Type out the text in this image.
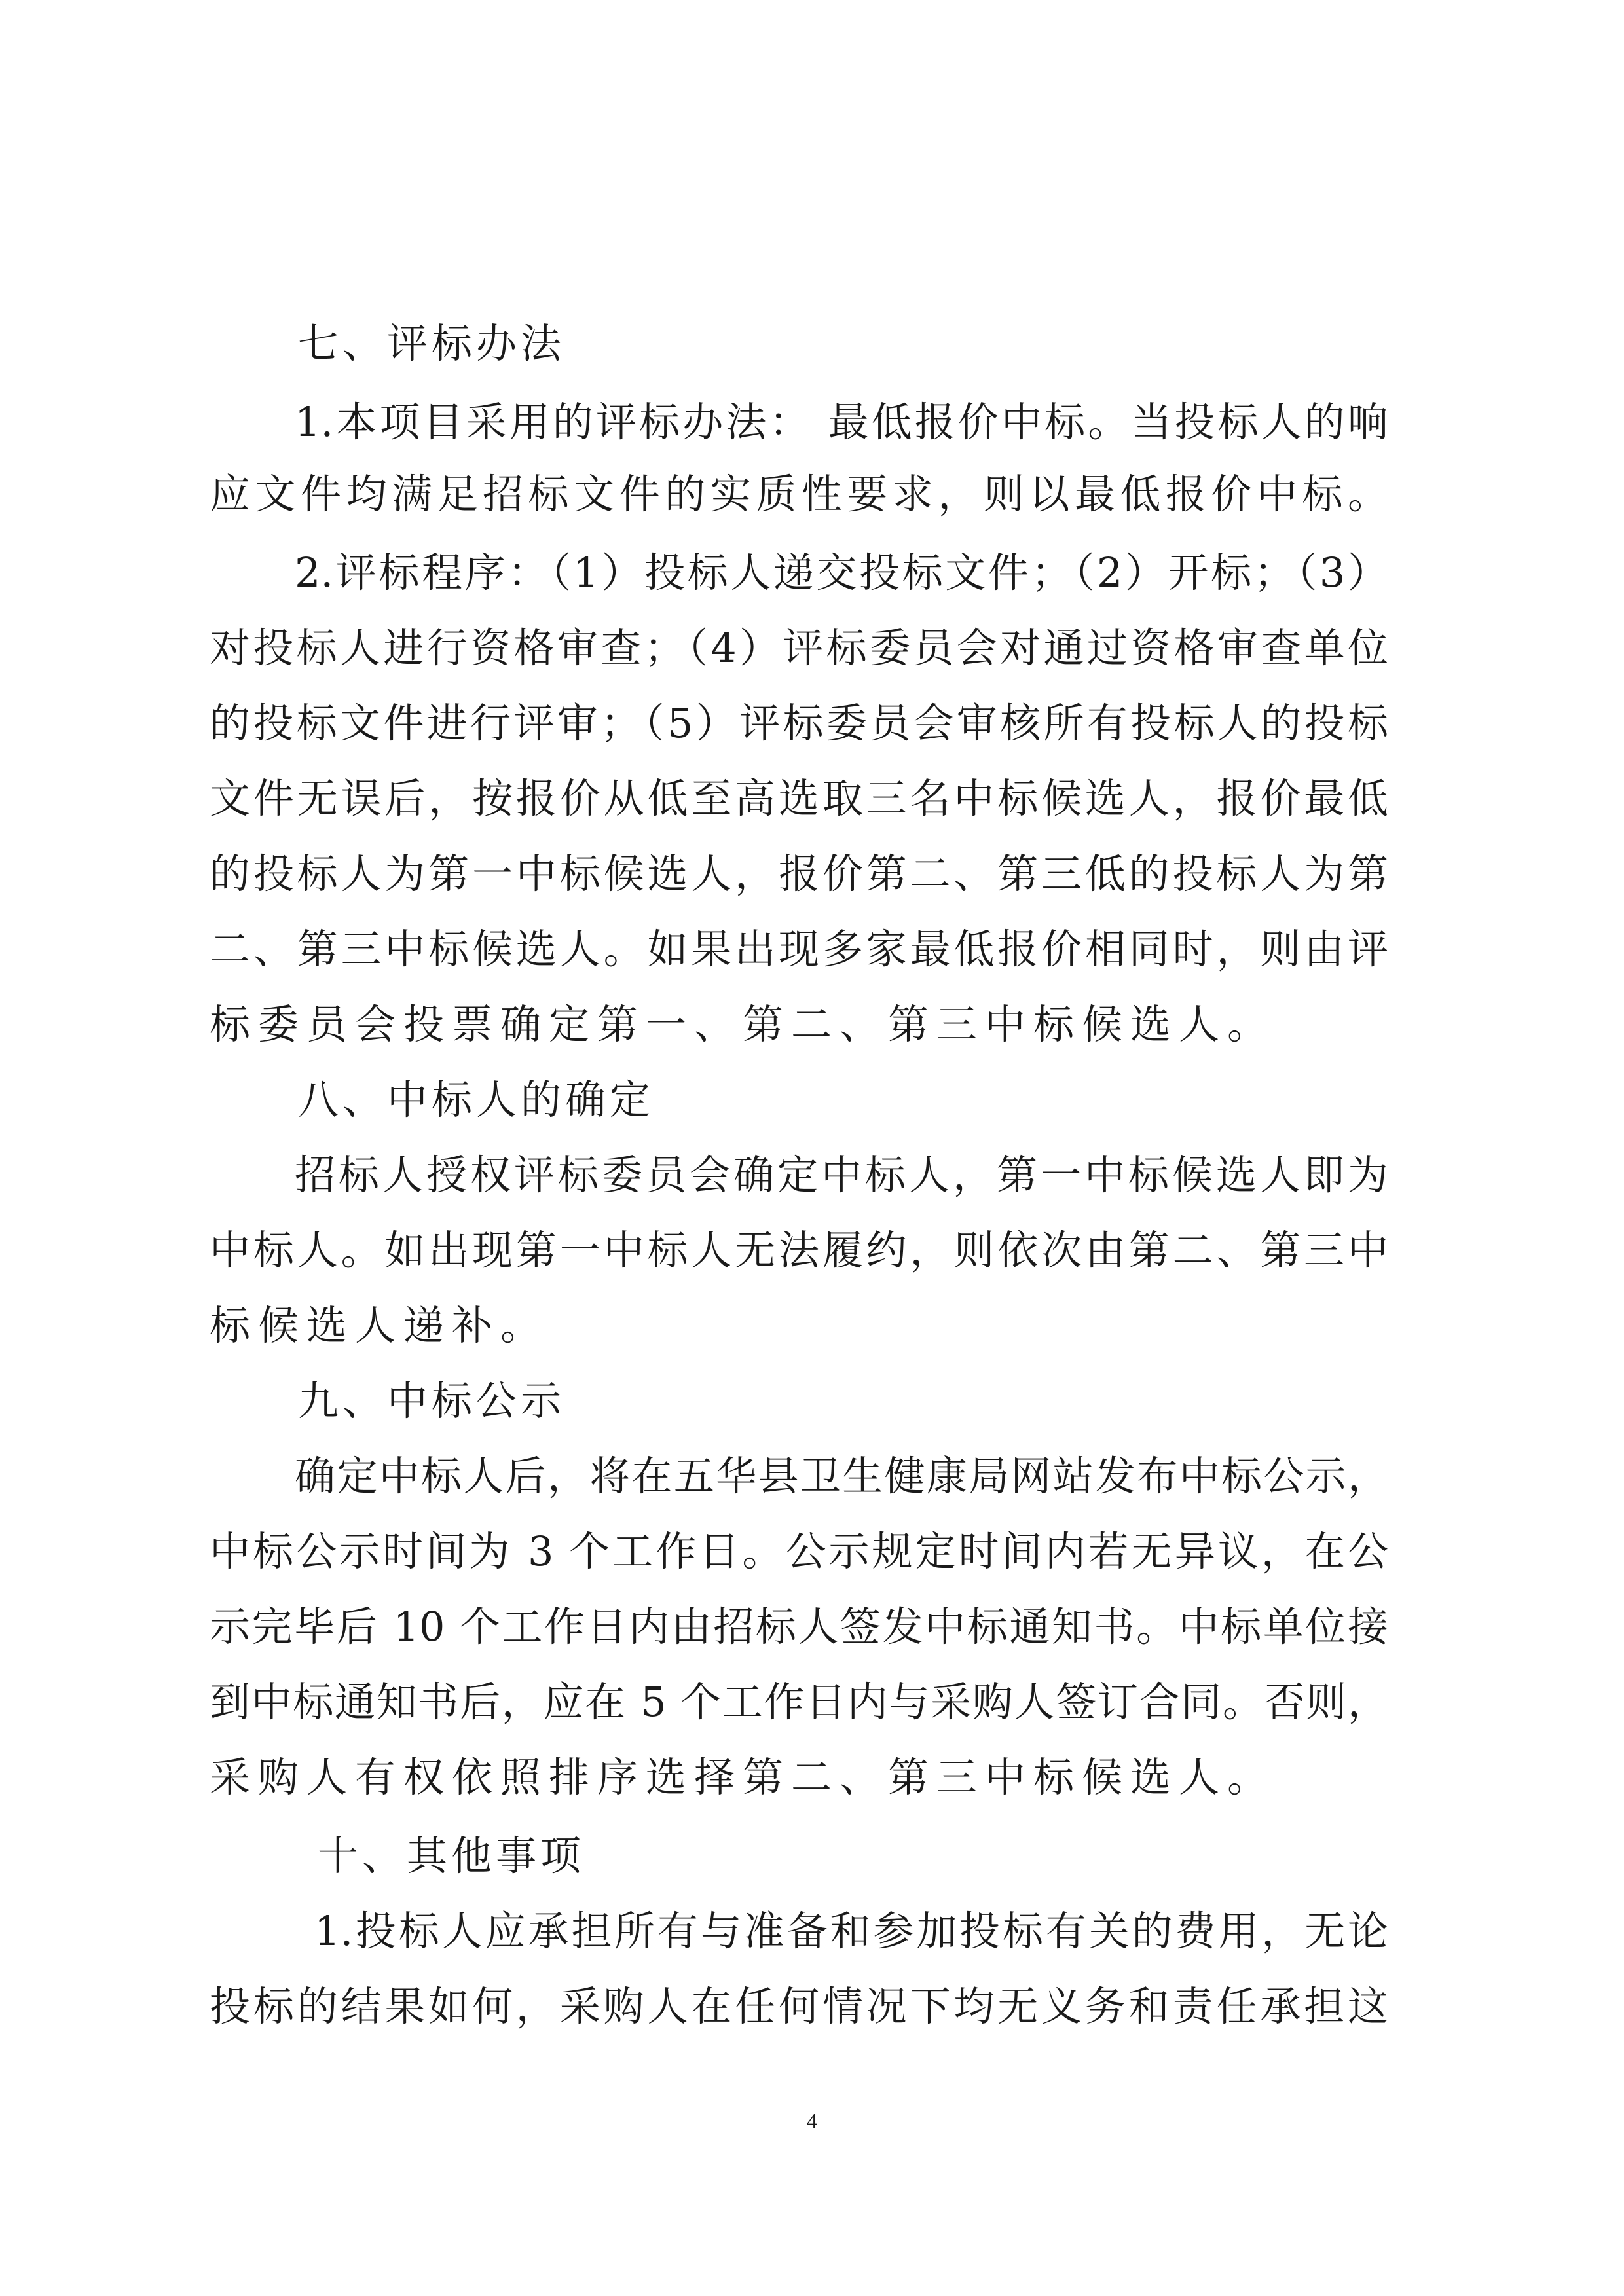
七、评标办法
1.本项目采用的评标办法： 最低报价中标。当投标人的响
应文件均满足招标文件的实质性要求，则以最低报价中标。
2.评标程序：（1）投标人递交投标文件；（2）开标；（3）
对投标人进行资格审查；（4）评标委员会对通过资格审查单位
的投标文件进行评审；（5）评标委员会审核所有投标人的投标
文件无误后，按报价从低至高选取三名中标候选人，报价最低
的投标人为第一中标候选人，报价第二、第三低的投标人为第
二、第三中标候选人。如果出现多家最低报价相同时，则由评
标委员会投票确定第一、第二、第三中标候选人。
八、中标人的确定
招标人授权评标委员会确定中标人，第一中标候选人即为
中标人。如出现第一中标人无法履约，则依次由第二、第三中
标候选人递补。
九、中标公示
确定中标人后，将在五华县卫生健康局网站发布中标公示，
中标公示时间为 3 个工作日。公示规定时间内若无异议，在公
示完毕后 10 个工作日内由招标人签发中标通知书。中标单位接
到中标通知书后，应在 5 个工作日内与采购人签订合同。否则，
采购人有权依照排序选择第二、第三中标候选人。
十、其他事项
1.投标人应承担所有与准备和参加投标有关的费用，无论
投标的结果如何，采购人在任何情况下均无义务和责任承担这
4
